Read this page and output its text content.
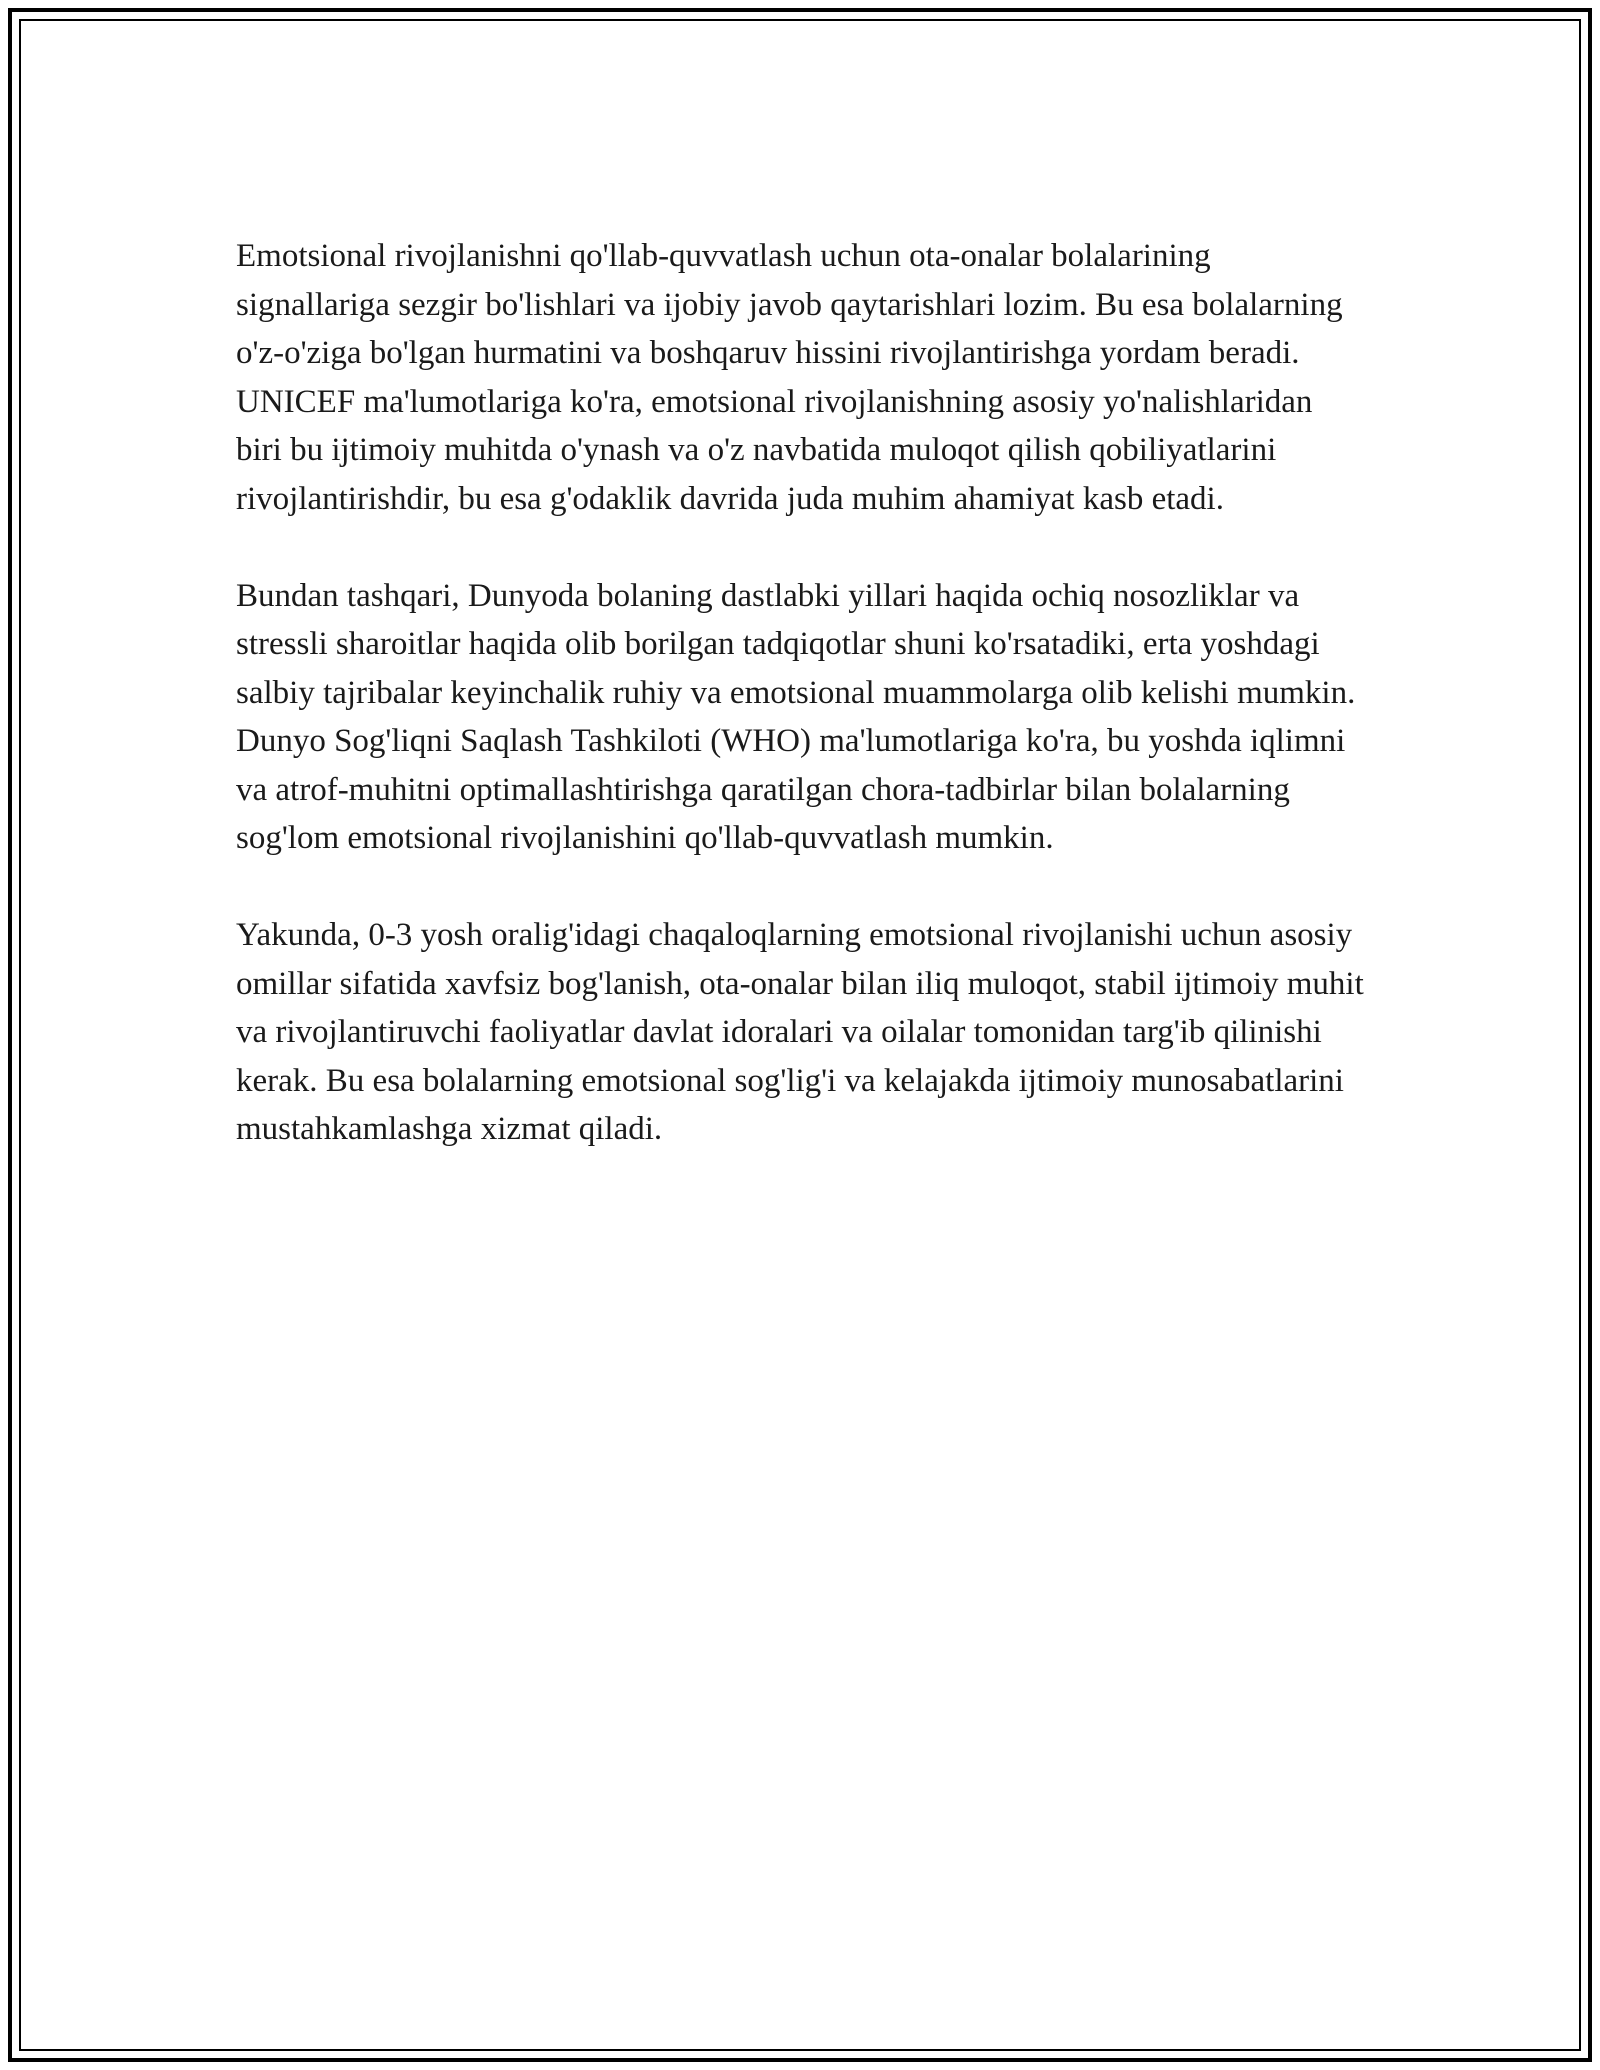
Emotsional rivojlanishni qo'llab-quvvatlash uchun ota-onalar bolalarining signallariga sezgir bo'lishlari va ijobiy javob qaytarishlari lozim. Bu esa bolalarning o'z-o'ziga bo'lgan hurmatini va boshqaruv hissini rivojlantirishga yordam beradi. UNICEF ma'lumotlariga ko'ra, emotsional rivojlanishning asosiy yo'nalishlaridan biri bu ijtimoiy muhitda o'ynash va o'z navbatida muloqot qilish qobiliyatlarini rivojlantirishdir, bu esa g'odaklik davrida juda muhim ahamiyat kasb etadi.

Bundan tashqari, Dunyoda bolaning dastlabki yillari haqida ochiq nosozliklar va stressli sharoitlar haqida olib borilgan tadqiqotlar shuni ko'rsatadiki, erta yoshdagi salbiy tajribalar keyinchalik ruhiy va emotsional muammolarga olib kelishi mumkin. Dunyo Sog'liqni Saqlash Tashkiloti (WHO) ma'lumotlariga ko'ra, bu yoshda iqlimni va atrof-muhitni optimallashtirishga qaratilgan chora-tadbirlar bilan bolalarning sog'lom emotsional rivojlanishini qo'llab-quvvatlash mumkin.

Yakunda, 0-3 yosh oralig'idagi chaqaloqlarning emotsional rivojlanishi uchun asosiy omillar sifatida xavfsiz bog'lanish, ota-onalar bilan iliq muloqot, stabil ijtimoiy muhit va rivojlantiruvchi faoliyatlar davlat idoralari va oilalar tomonidan targ'ib qilinishi kerak. Bu esa bolalarning emotsional sog'lig'i va kelajakda ijtimoiy munosabatlarini mustahkamlashga xizmat qiladi.
